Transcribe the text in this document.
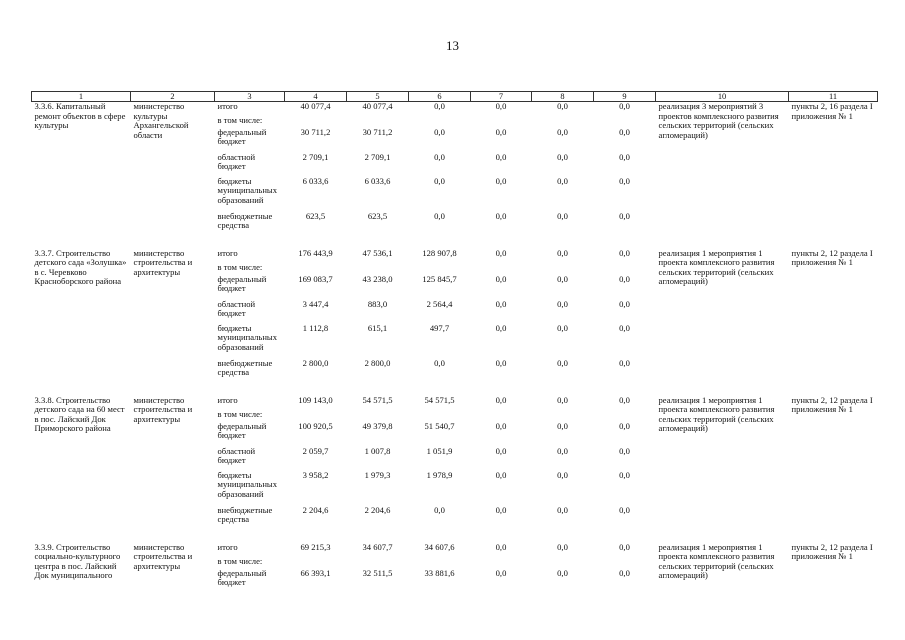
13
1	2	3	4	5	6	7	8	9	10	11
3.3.6. Капитальный ремонт объектов в сфере культуры	министерство культуры Архангельской области	итого	40 077,4	40 077,4	0,0	0,0	0,0	0,0	реализация 3 мероприятий 3 проектов комплексного развития сельских территорий (сельских агломераций)	пункты 2, 16 раздела I приложения № 1
		в том числе:								
		федеральный бюджет	30 711,2	30 711,2	0,0	0,0	0,0	0,0		
		областной бюджет	2 709,1	2 709,1	0,0	0,0	0,0	0,0		
		бюджеты муниципальных образований	6 033,6	6 033,6	0,0	0,0	0,0	0,0		
		внебюджетные средства	623,5	623,5	0,0	0,0	0,0	0,0		

3.3.7. Строительство детского сада «Золушка» в с. Черевково Красноборского района	министерство строительства и архитектуры	итого	176 443,9	47 536,1	128 907,8	0,0	0,0	0,0	реализация 1 мероприятия 1 проекта комплексного развития сельских территорий (сельских агломераций)	пункты 2, 12 раздела I приложения № 1
		в том числе:								
		федеральный бюджет	169 083,7	43 238,0	125 845,7	0,0	0,0	0,0		
		областной бюджет	3 447,4	883,0	2 564,4	0,0	0,0	0,0		
		бюджеты муниципальных образований	1 112,8	615,1	497,7	0,0	0,0	0,0		
		внебюджетные средства	2 800,0	2 800,0	0,0	0,0	0,0	0,0		

3.3.8. Строительство детского сада на 60 мест в пос. Лайский Док Приморского района	министерство строительства и архитектуры	итого	109 143,0	54 571,5	54 571,5	0,0	0,0	0,0	реализация 1 мероприятия 1 проекта комплексного развития сельских территорий (сельских агломераций)	пункты 2, 12 раздела I приложения № 1
		в том числе:								
		федеральный бюджет	100 920,5	49 379,8	51 540,7	0,0	0,0	0,0		
		областной бюджет	2 059,7	1 007,8	1 051,9	0,0	0,0	0,0		
		бюджеты муниципальных образований	3 958,2	1 979,3	1 978,9	0,0	0,0	0,0		
		внебюджетные средства	2 204,6	2 204,6	0,0	0,0	0,0	0,0		

3.3.9. Строительство социально-культурного центра в пос. Лайский Док муниципального	министерство строительства и архитектуры	итого	69 215,3	34 607,7	34 607,6	0,0	0,0	0,0	реализация 1 мероприятия 1 проекта комплексного развития сельских территорий (сельских агломераций)	пункты 2, 12 раздела I приложения № 1
		в том числе:								
		федеральный бюджет	66 393,1	32 511,5	33 881,6	0,0	0,0	0,0		
